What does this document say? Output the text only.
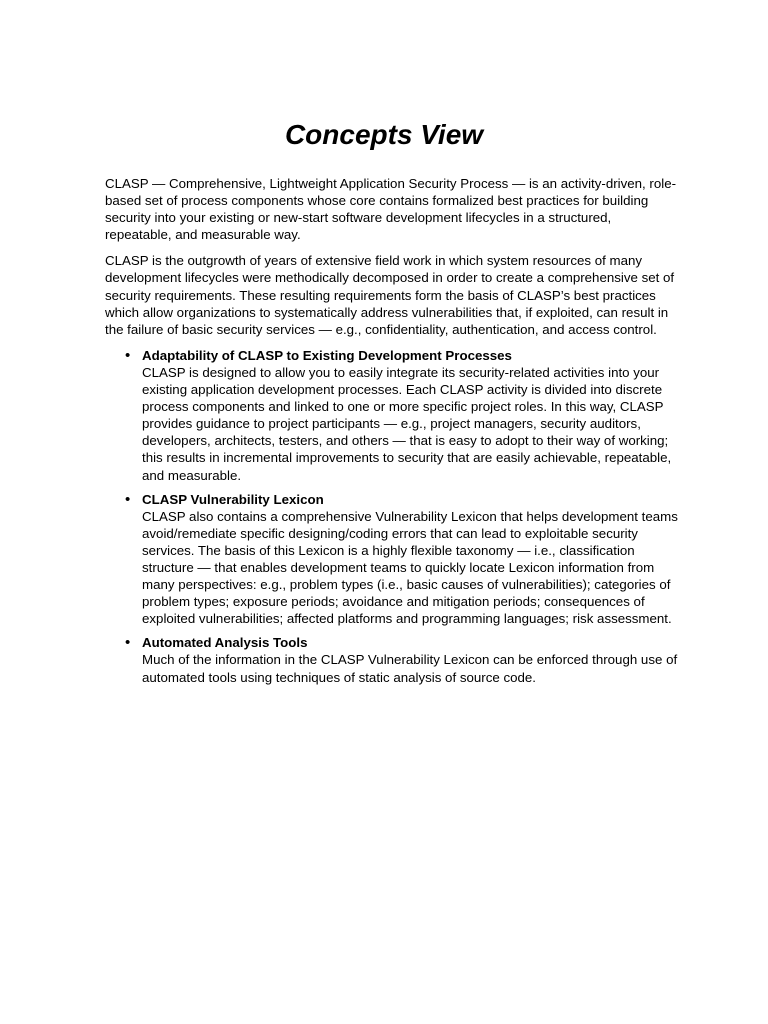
Concepts View

CLASP — Comprehensive, Lightweight Application Security Process — is an activity-driven, role-based set of process components whose core contains formalized best practices for building security into your existing or new-start software development lifecycles in a structured, repeatable, and measurable way.

CLASP is the outgrowth of years of extensive field work in which system resources of many development lifecycles were methodically decomposed in order to create a comprehensive set of security requirements. These resulting requirements form the basis of CLASP’s best practices which allow organizations to systematically address vulnerabilities that, if exploited, can result in the failure of basic security services — e.g., confidentiality, authentication, and access control.

• Adaptability of CLASP to Existing Development Processes
CLASP is designed to allow you to easily integrate its security-related activities into your existing application development processes. Each CLASP activity is divided into discrete process components and linked to one or more specific project roles. In this way, CLASP provides guidance to project participants — e.g., project managers, security auditors, developers, architects, testers, and others — that is easy to adopt to their way of working; this results in incremental improvements to security that are easily achievable, repeatable, and measurable.
• CLASP Vulnerability Lexicon
CLASP also contains a comprehensive Vulnerability Lexicon that helps development teams avoid/remediate specific designing/coding errors that can lead to exploitable security services. The basis of this Lexicon is a highly flexible taxonomy — i.e., classification structure — that enables development teams to quickly locate Lexicon information from many perspectives: e.g., problem types (i.e., basic causes of vulnerabilities); categories of problem types; exposure periods; avoidance and mitigation periods; consequences of exploited vulnerabilities; affected platforms and programming languages; risk assessment.
• Automated Analysis Tools
Much of the information in the CLASP Vulnerability Lexicon can be enforced through use of automated tools using techniques of static analysis of source code.
